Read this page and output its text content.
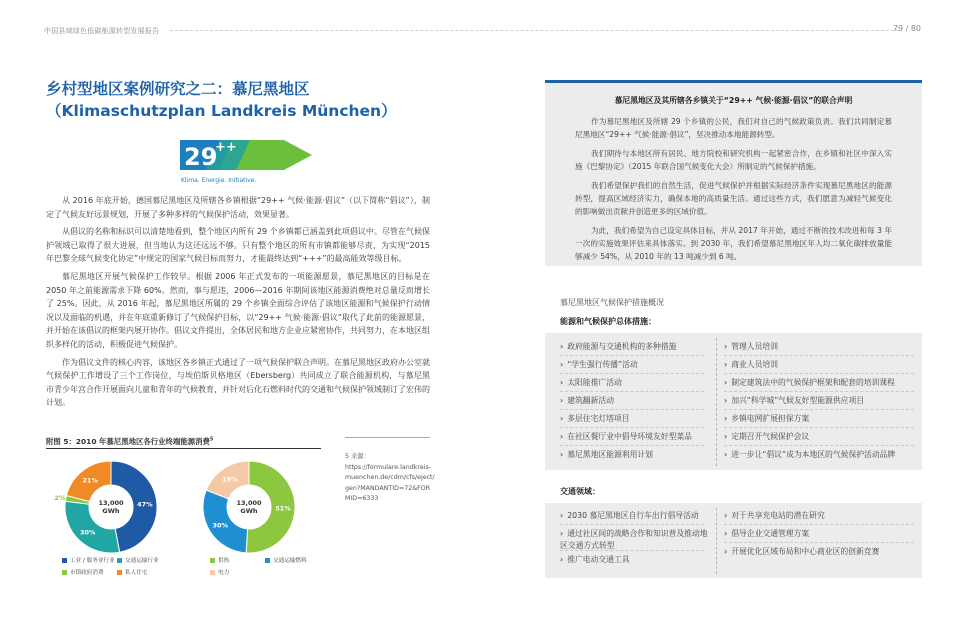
中国县域绿色低碳能源转型发展报告	79 / 80
乡村型地区案例研究之二：慕尼黑地区（Klimaschutzplan Landkreis München）
29
++
Klima. Energie. Initiative.

从 2016 年底开始，德国慕尼黑地区及所辖各乡镇根据“29++ 气候·能源·倡议”（以下简称“倡议”），制定了气候友好远景规划，开展了多种多样的气候保护活动，效果显著。

从倡议的名称和标识可以清楚地看到，整个地区内所有 29 个乡镇都已涵盖到此项倡议中。尽管在气候保护领域已取得了很大进展，但当地认为这还远远不够。只有整个地区的所有市镇都能够尽责，为实现“2015 年巴黎全球气候变化协定”中规定的国家气候目标而努力，才能最终达到“+++”的最高能效等级目标。

慕尼黑地区开展气候保护工作较早。根据 2006 年正式发布的一项能源愿景，慕尼黑地区的目标是在 2050 年之前能源需求下降 60%。然而，事与愿违，2006—2016 年期间该地区能源消费绝对总量反而增长了 25%。因此，从 2016 年起，慕尼黑地区所属的 29 个乡镇全面综合评估了该地区能源和气候保护行动情况以及面临的机遇，并在年底重新修订了气候保护目标，以“29++ 气候·能源·倡议”取代了此前的能源愿景，并开始在该倡议的框架内展开协作。倡议文件提出，全体居民和地方企业应紧密协作，共同努力，在本地区组织多样化的活动，积极促进气候保护。

作为倡议文件的核心内容，该地区各乡镇正式通过了一项气候保护联合声明。在慕尼黑地区政府办公室就气候保护工作增设了三个工作岗位，与埃伯斯贝格地区（Ebersberg）共同成立了联合能源机构，与慕尼黑市青少年宫合作开展面向儿童和青年的气候教育，并针对后化石燃料时代的交通和气候保护领域制订了宏伟的计划。

附图 5：2010 年慕尼黑地区各行业终端能源消费$^5$
47%
30%
2%
21%
13,000
GWh	51%
30%
19%
13,000
GWh
工业 / 服务业行业	交通运输行业
市镇政府消费	私人住宅
供热	交通运输燃料
电力
5 来源：
https://formulare.landkreis-muenchen.de/cdm/cfs/eject/gen?MANDANTID=72&FORMID=6333
慕尼黑地区及其所辖各乡镇关于“29++ 气候·能源·倡议”的联合声明
作为慕尼黑地区及所辖 29 个乡镇的公民，我们对自己的气候政策负责。我们共同制定慕尼黑地区“29++ 气候·能源·倡议”，坚决推动本地能源转型。
我们期待与本地区所有居民、地方院校和研究机构一起紧密合作，在乡镇和社区中深入实施《巴黎协定》（2015 年联合国气候变化大会）所制定的气候保护措施。
我们希望保护我们的自然生活，促进气候保护并根据实际经济条件实现慕尼黑地区的能源转型，提高区域经济实力，确保本地的高质量生活。通过这些方式，我们愿意为减轻气候变化的影响做出贡献并创造更多的区域价值。
为此，我们希望为自己设定具体目标，并从 2017 年开始，通过不断的技术改进和每 3 年一次的实施效果评估来具体落实。到 2030 年，我们希望慕尼黑地区年人均二氧化碳排放量能够减少 54%，从 2010 年的 13 吨减少到 6 吨。
慕尼黑地区气候保护措施概况
能源和气候保护总体措施：
› 政府能源与交通机构的多种措施
› “学生强行传播”活动
› 太阳能推广活动
› 建筑翻新活动
› 多层住宅灯塔项目
› 在社区餐厅业中倡导环境友好型菜品
› 慕尼黑地区能源利用计划
› 管理人员培训
› 商业人员培训
› 制定建筑法中的气候保护框架和配套的培训课程
› 加兴“科学城”气候友好型能源供应项目
› 乡镇电网扩展担保方案
› 定期召开气候保护会议
› 进一步让“倡议”成为本地区的气候保护活动品牌
交通领域：
› 2030 慕尼黑地区自行车出行倡导活动
› 通过社区间的战略合作和知识普及推动地区交通方式转型
› 推广电动交通工具
› 对于共享充电站的潜在研究
› 倡导企业交通管理方案
› 开展优化区域布局和中心商业区的创新竞赛
